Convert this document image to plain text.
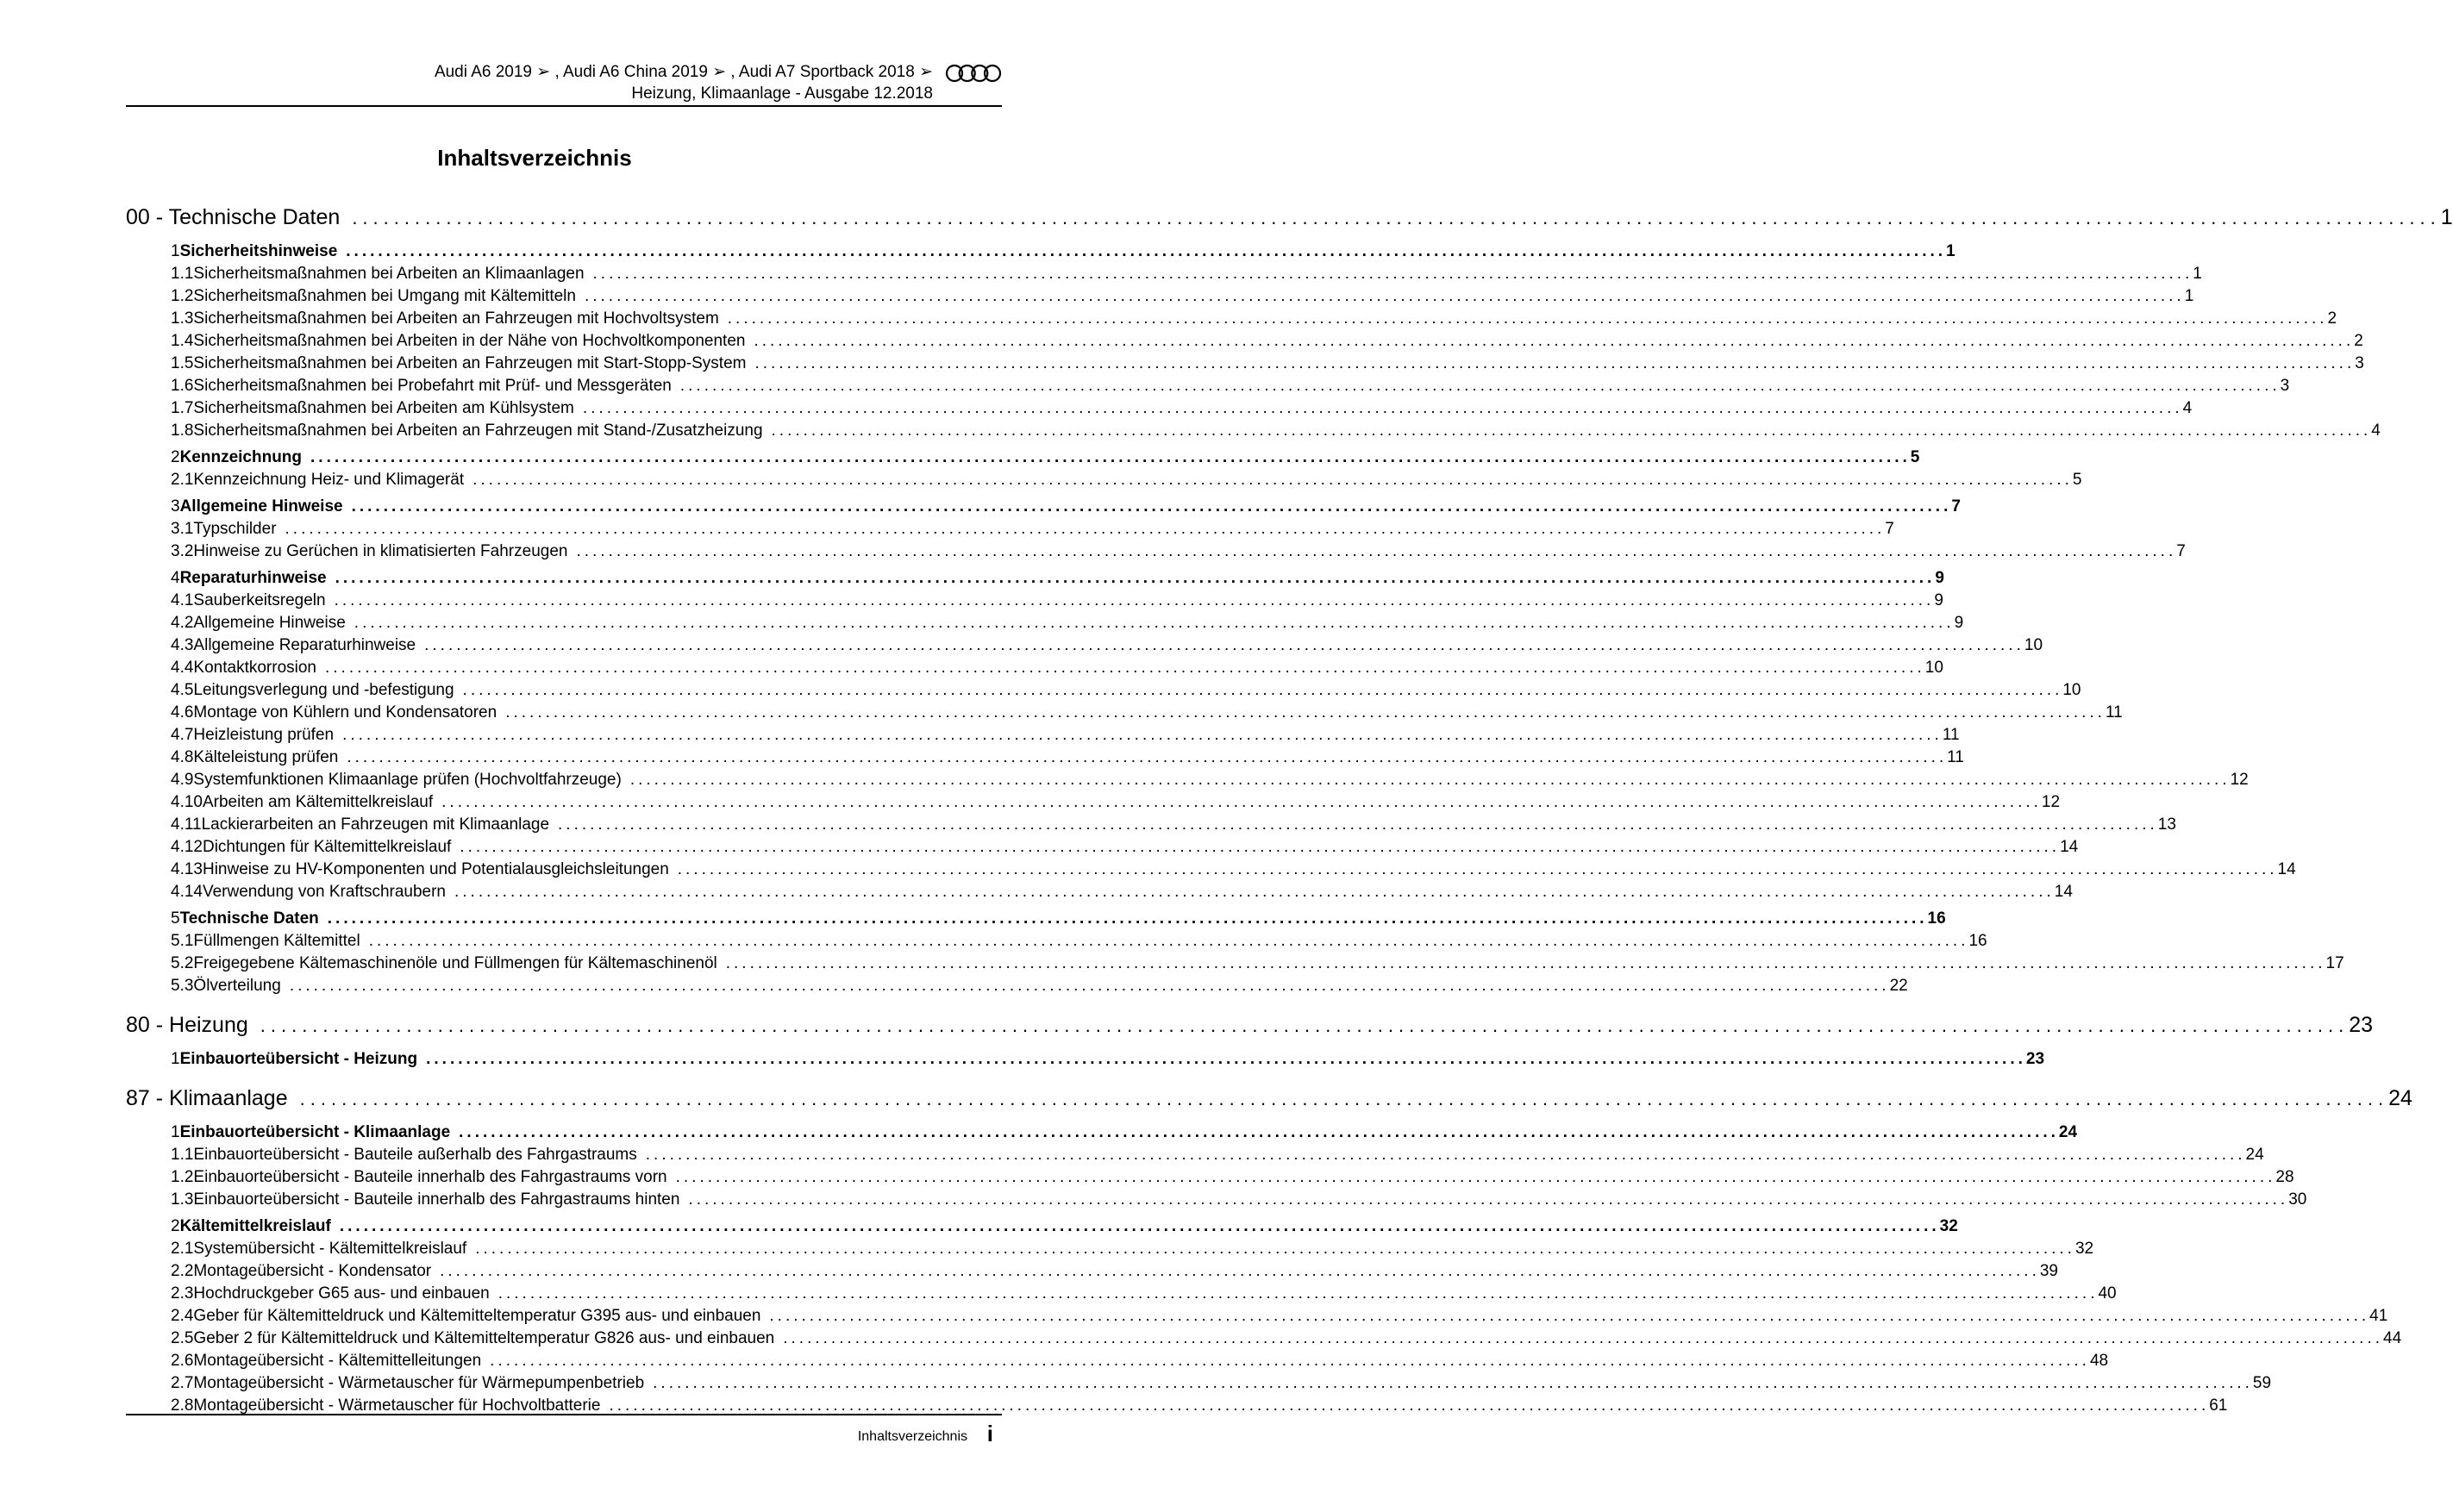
Audi A6 2019 ➢ , Audi A6 China 2019 ➢ , Audi A7 Sportback 2018 ➢
Heizung, Klimaanlage - Ausgabe 12.2018
Inhaltsverzeichnis
00 - Technische Daten ........................................................................................................................................................................................................ 1
1 Sicherheitshinweise ........................................................................................................................................................................................................ 1
1.1 Sicherheitsmaßnahmen bei Arbeiten an Klimaanlagen ........................................................................................................................................................................................................ 1
1.2 Sicherheitsmaßnahmen bei Umgang mit Kältemitteln ........................................................................................................................................................................................................ 1
1.3 Sicherheitsmaßnahmen bei Arbeiten an Fahrzeugen mit Hochvoltsystem ........................................................................................................................................................................................................ 2
1.4 Sicherheitsmaßnahmen bei Arbeiten in der Nähe von Hochvoltkomponenten ........................................................................................................................................................................................................ 2
1.5 Sicherheitsmaßnahmen bei Arbeiten an Fahrzeugen mit Start-Stopp-System ........................................................................................................................................................................................................ 3
1.6 Sicherheitsmaßnahmen bei Probefahrt mit Prüf- und Messgeräten ........................................................................................................................................................................................................ 3
1.7 Sicherheitsmaßnahmen bei Arbeiten am Kühlsystem ........................................................................................................................................................................................................ 4
1.8 Sicherheitsmaßnahmen bei Arbeiten an Fahrzeugen mit Stand-/Zusatzheizung ........................................................................................................................................................................................................ 4
2 Kennzeichnung ........................................................................................................................................................................................................ 5
2.1 Kennzeichnung Heiz- und Klimagerät ........................................................................................................................................................................................................ 5
3 Allgemeine Hinweise ........................................................................................................................................................................................................ 7
3.1 Typschilder ........................................................................................................................................................................................................ 7
3.2 Hinweise zu Gerüchen in klimatisierten Fahrzeugen ........................................................................................................................................................................................................ 7
4 Reparaturhinweise ........................................................................................................................................................................................................ 9
4.1 Sauberkeitsregeln ........................................................................................................................................................................................................ 9
4.2 Allgemeine Hinweise ........................................................................................................................................................................................................ 9
4.3 Allgemeine Reparaturhinweise ........................................................................................................................................................................................................ 10
4.4 Kontaktkorrosion ........................................................................................................................................................................................................ 10
4.5 Leitungsverlegung und -befestigung ........................................................................................................................................................................................................ 10
4.6 Montage von Kühlern und Kondensatoren ........................................................................................................................................................................................................ 11
4.7 Heizleistung prüfen ........................................................................................................................................................................................................ 11
4.8 Kälteleistung prüfen ........................................................................................................................................................................................................ 11
4.9 Systemfunktionen Klimaanlage prüfen (Hochvoltfahrzeuge) ........................................................................................................................................................................................................ 12
4.10 Arbeiten am Kältemittelkreislauf ........................................................................................................................................................................................................ 12
4.11 Lackierarbeiten an Fahrzeugen mit Klimaanlage ........................................................................................................................................................................................................ 13
4.12 Dichtungen für Kältemittelkreislauf ........................................................................................................................................................................................................ 14
4.13 Hinweise zu HV-Komponenten und Potentialausgleichsleitungen ........................................................................................................................................................................................................ 14
4.14 Verwendung von Kraftschraubern ........................................................................................................................................................................................................ 14
5 Technische Daten ........................................................................................................................................................................................................ 16
5.1 Füllmengen Kältemittel ........................................................................................................................................................................................................ 16
5.2 Freigegebene Kältemaschinenöle und Füllmengen für Kältemaschinenöl ........................................................................................................................................................................................................ 17
5.3 Ölverteilung ........................................................................................................................................................................................................ 22
80 - Heizung ........................................................................................................................................................................................................ 23
1 Einbauorteübersicht - Heizung ........................................................................................................................................................................................................ 23
87 - Klimaanlage ........................................................................................................................................................................................................ 24
1 Einbauorteübersicht - Klimaanlage ........................................................................................................................................................................................................ 24
1.1 Einbauorteübersicht - Bauteile außerhalb des Fahrgastraums ........................................................................................................................................................................................................ 24
1.2 Einbauorteübersicht - Bauteile innerhalb des Fahrgastraums vorn ........................................................................................................................................................................................................ 28
1.3 Einbauorteübersicht - Bauteile innerhalb des Fahrgastraums hinten ........................................................................................................................................................................................................ 30
2 Kältemittelkreislauf ........................................................................................................................................................................................................ 32
2.1 Systemübersicht - Kältemittelkreislauf ........................................................................................................................................................................................................ 32
2.2 Montageübersicht - Kondensator ........................................................................................................................................................................................................ 39
2.3 Hochdruckgeber G65 aus- und einbauen ........................................................................................................................................................................................................ 40
2.4 Geber für Kältemitteldruck und Kältemitteltemperatur G395 aus- und einbauen ........................................................................................................................................................................................................ 41
2.5 Geber 2 für Kältemitteldruck und Kältemitteltemperatur G826 aus- und einbauen ........................................................................................................................................................................................................ 44
2.6 Montageübersicht - Kältemittelleitungen ........................................................................................................................................................................................................ 48
2.7 Montageübersicht - Wärmetauscher für Wärmepumpenbetrieb ........................................................................................................................................................................................................ 59
2.8 Montageübersicht - Wärmetauscher für Hochvoltbatterie ........................................................................................................................................................................................................ 61
Inhaltsverzeichnis i
